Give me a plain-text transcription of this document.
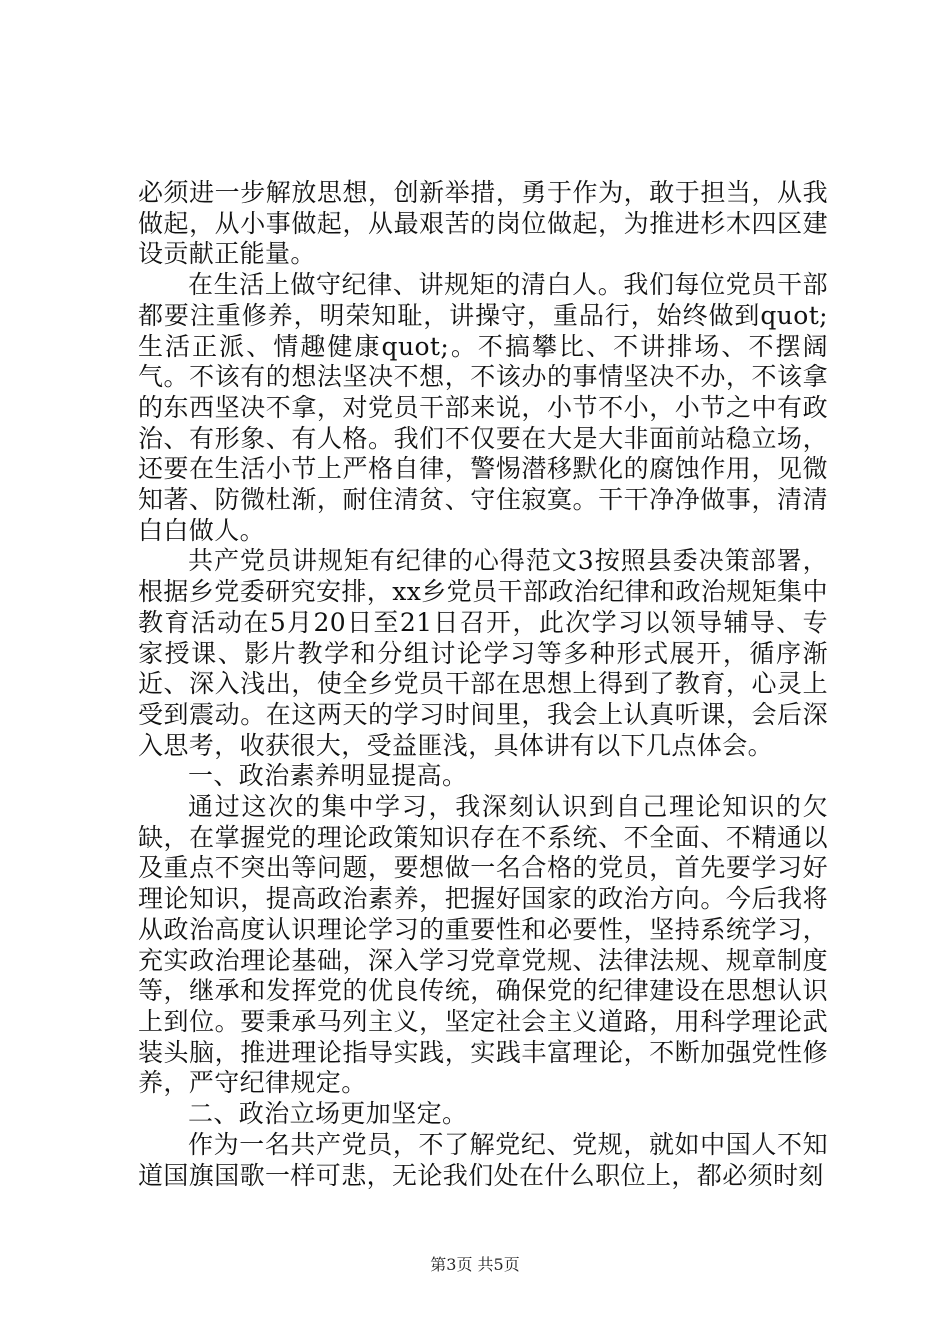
必须进一步解放思想，创新举措，勇于作为，敢于担当，从我做起，从小事做起，从最艰苦的岗位做起，为推进杉木四区建设贡献正能量。

在生活上做守纪律、讲规矩的清白人。我们每位党员干部都要注重修养，明荣知耻，讲操守，重品行，始终做到quot;生活正派、情趣健康quot;。不搞攀比、不讲排场、不摆阔气。不该有的想法坚决不想，不该办的事情坚决不办，不该拿的东西坚决不拿，对党员干部来说，小节不小，小节之中有政治、有形象、有人格。我们不仅要在大是大非面前站稳立场，还要在生活小节上严格自律，警惕潜移默化的腐蚀作用，见微知著、防微杜渐，耐住清贫、守住寂寞。干干净净做事，清清白白做人。

共产党员讲规矩有纪律的心得范文3按照县委决策部署，根据乡党委研究安排，xx乡党员干部政治纪律和政治规矩集中教育活动在5月20日至21日召开，此次学习以领导辅导、专家授课、影片教学和分组讨论学习等多种形式展开，循序渐近、深入浅出，使全乡党员干部在思想上得到了教育，心灵上受到震动。在这两天的学习时间里，我会上认真听课，会后深入思考，收获很大，受益匪浅，具体讲有以下几点体会。

一、政治素养明显提高。

通过这次的集中学习，我深刻认识到自己理论知识的欠缺，在掌握党的理论政策知识存在不系统、不全面、不精通以及重点不突出等问题，要想做一名合格的党员，首先要学习好理论知识，提高政治素养，把握好国家的政治方向。今后我将从政治高度认识理论学习的重要性和必要性，坚持系统学习，充实政治理论基础，深入学习党章党规、法律法规、规章制度等，继承和发挥党的优良传统，确保党的纪律建设在思想认识上到位。要秉承马列主义，坚定社会主义道路，用科学理论武装头脑，推进理论指导实践，实践丰富理论，不断加强党性修养，严守纪律规定。

二、政治立场更加坚定。

作为一名共产党员，不了解党纪、党规，就如中国人不知道国旗国歌一样可悲，无论我们处在什么职位上，都必须时刻

第3页 共5页
